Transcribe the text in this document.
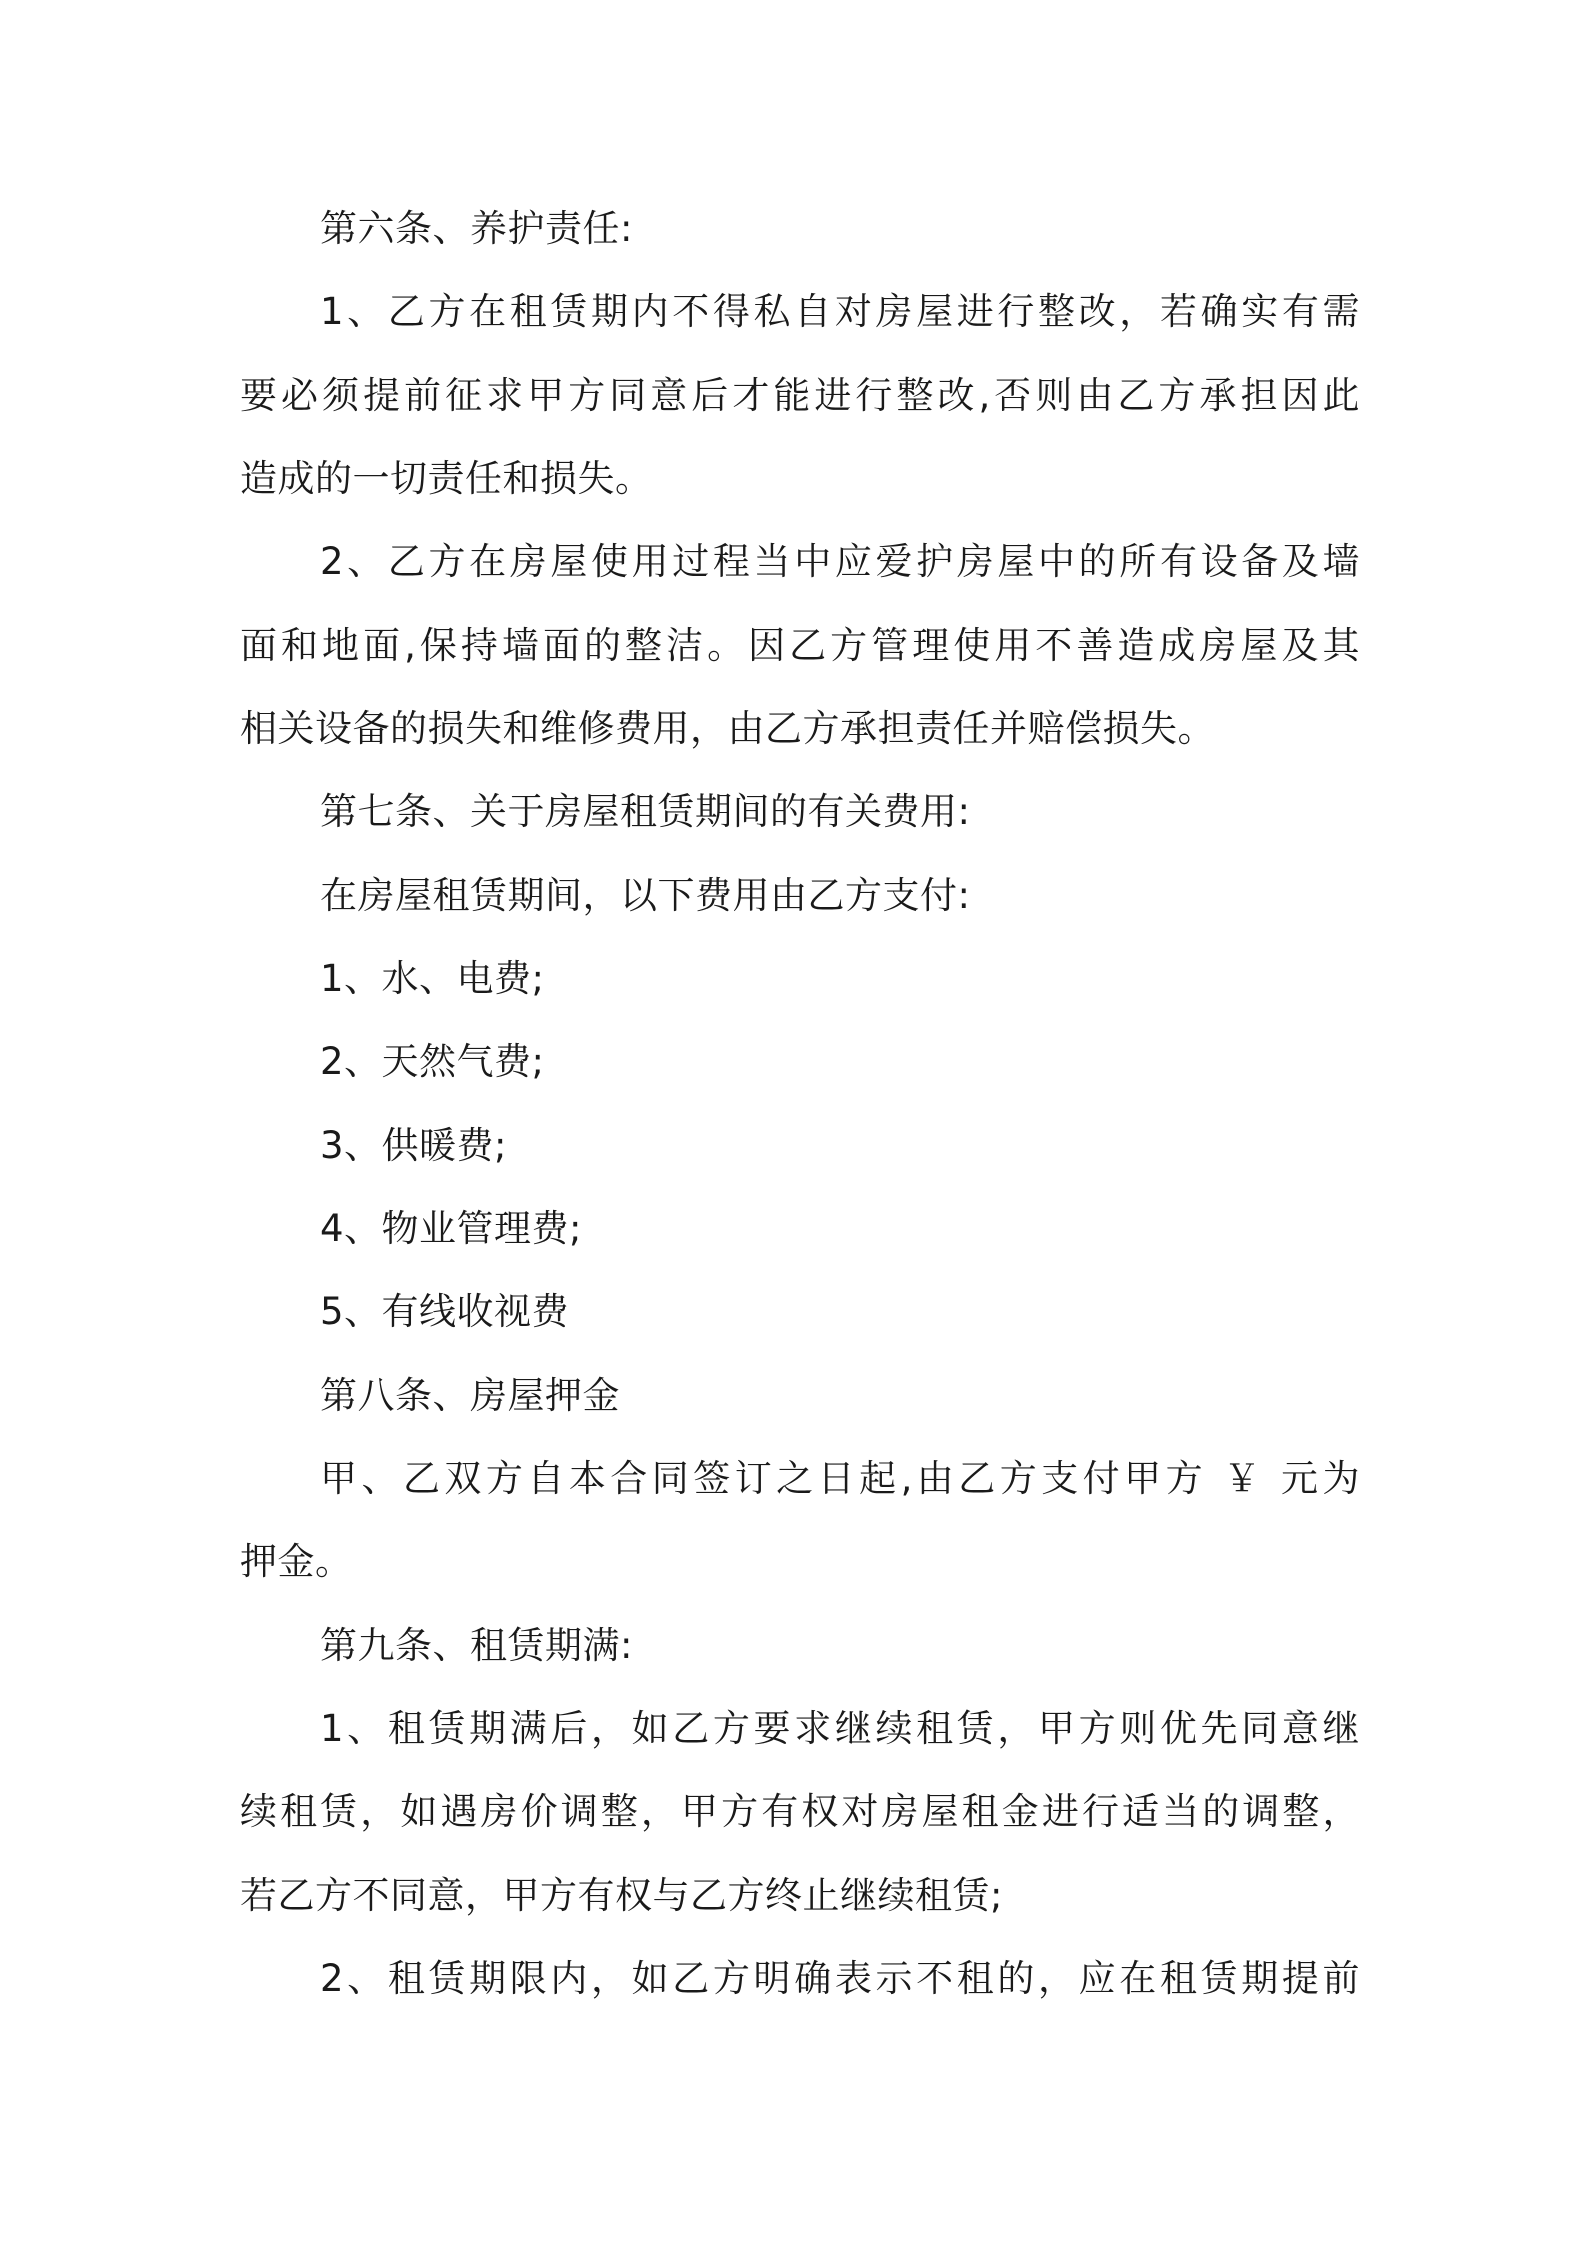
第六条、养护责任:
1、乙方在租赁期内不得私自对房屋进行整改，若确实有需
要必须提前征求甲方同意后才能进行整改,否则由乙方承担因此
造成的一切责任和损失。
2、乙方在房屋使用过程当中应爱护房屋中的所有设备及墙
面和地面,保持墙面的整洁。因乙方管理使用不善造成房屋及其
相关设备的损失和维修费用，由乙方承担责任并赔偿损失。
第七条、关于房屋租赁期间的有关费用:
在房屋租赁期间，以下费用由乙方支付:
1、水、电费;
2、天然气费;
3、供暖费;
4、物业管理费;
5、有线收视费
第八条、房屋押金
甲、乙双方自本合同签订之日起,由乙方支付甲方 ￥ 元为
押金。
第九条、租赁期满:
1、租赁期满后，如乙方要求继续租赁，甲方则优先同意继
续租赁，如遇房价调整，甲方有权对房屋租金进行适当的调整，
若乙方不同意，甲方有权与乙方终止继续租赁;
2、租赁期限内，如乙方明确表示不租的，应在租赁期提前
